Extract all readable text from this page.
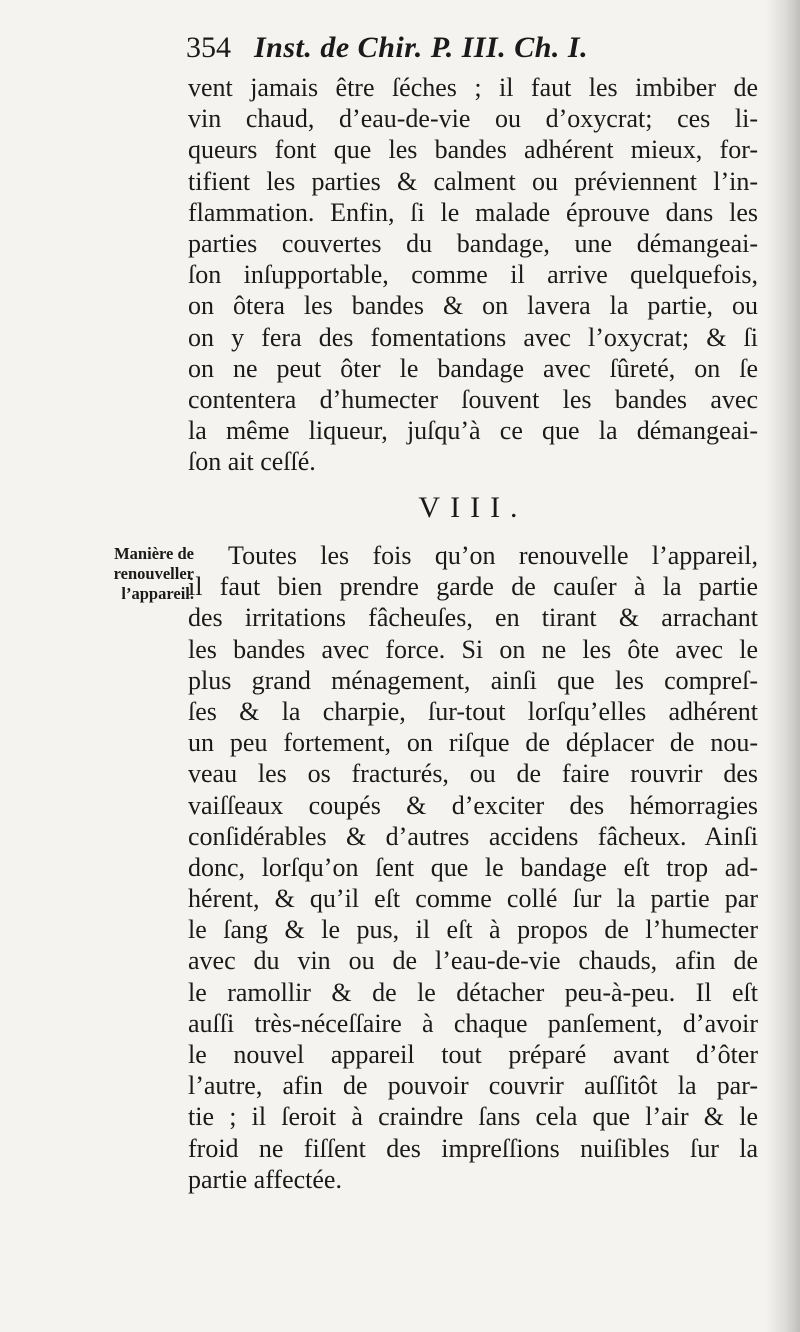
354 Inst. de Chir. P. III. Ch. I.
vent jamais être ſéches ; il faut les imbiber de
vin chaud, d’eau-de-vie ou d’oxycrat; ces li-
queurs font que les bandes adhérent mieux, for-
tifient les parties & calment ou préviennent l’in-
flammation. Enfin, ſi le malade éprouve dans les
parties couvertes du bandage, une démangeai-
ſon inſupportable, comme il arrive quelquefois,
on ôtera les bandes & on lavera la partie, ou
on y fera des fomentations avec l’oxycrat; & ſi
on ne peut ôter le bandage avec ſûreté, on ſe
contentera d’humecter ſouvent les bandes avec
la même liqueur, juſqu’à ce que la démangeai-
ſon ait ceſſé.
VIII.
Manière de
renouveller
l’appareil.
Toutes les fois qu’on renouvelle l’appareil,
il faut bien prendre garde de cauſer à la partie
des irritations fâcheuſes, en tirant & arrachant
les bandes avec force. Si on ne les ôte avec le
plus grand ménagement, ainſi que les compreſ-
ſes & la charpie, ſur-tout lorſqu’elles adhérent
un peu fortement, on riſque de déplacer de nou-
veau les os fracturés, ou de faire rouvrir des
vaiſſeaux coupés & d’exciter des hémorragies
conſidérables & d’autres accidens fâcheux. Ainſi
donc, lorſqu’on ſent que le bandage eſt trop ad-
hérent, & qu’il eſt comme collé ſur la partie par
le ſang & le pus, il eſt à propos de l’humecter
avec du vin ou de l’eau-de-vie chauds, afin de
le ramollir & de le détacher peu-à-peu. Il eſt
auſſi très-néceſſaire à chaque panſement, d’avoir
le nouvel appareil tout préparé avant d’ôter
l’autre, afin de pouvoir couvrir auſſitôt la par-
tie ; il ſeroit à craindre ſans cela que l’air & le
froid ne fiſſent des impreſſions nuiſibles ſur la
partie affectée.
